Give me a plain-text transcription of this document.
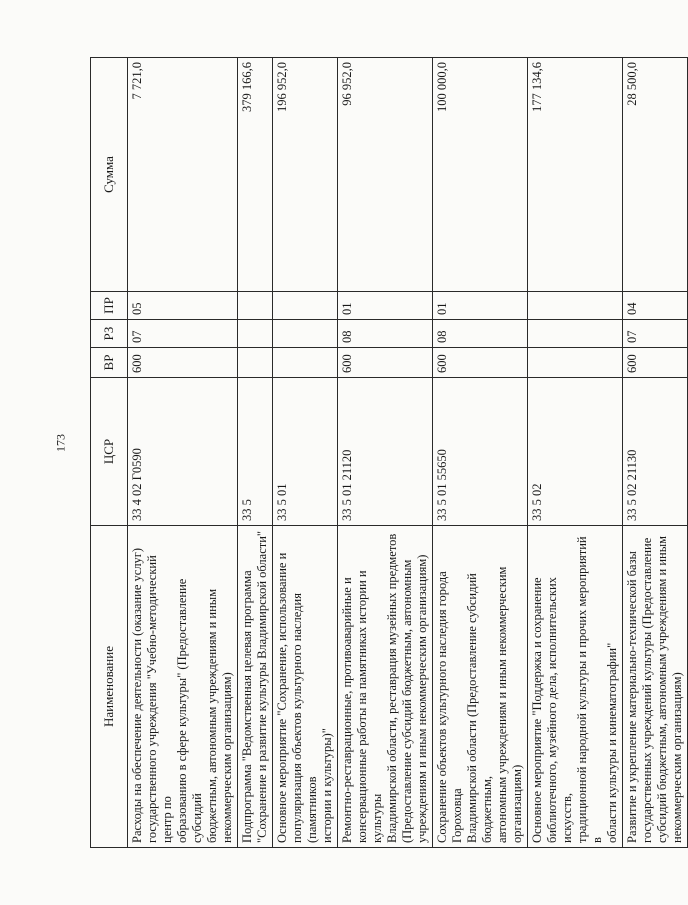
173
Наименование	ЦСР	ВР	РЗ	ПР	Сумма
Расходы на обеспечение деятельности (оказание услуг)
государственного учреждения "Учебно-методический центр по
образованию в сфере культуры" (Предоставление субсидий
бюджетным, автономным учреждениям и иным
некоммерческим организациям)	33 4 02 Г0590	600	07	05	7 721,0
Подпрограмма "Ведомственная целевая программа
"Сохранение и развитие культуры Владимирской области"	33 5				379 166,6
Основное мероприятие "Сохранение, использование и
популяризация объектов культурного наследия (памятников
истории и культуры)"	33 5 01				196 952,0
Ремонтно-реставрационные, противоаварийные и
консервационные работы на памятниках истории и культуры
Владимирской области, реставрация музейных предметов
(Предоставление субсидий бюджетным, автономным
учреждениям и иным некоммерческим организациям)	33 5 01 21120	600	08	01	96 952,0
Сохранение объектов культурного наследия города Гороховца
Владимирской области (Предоставление субсидий бюджетным,
автономным учреждениям и иным некоммерческим
организациям)	33 5 01 55650	600	08	01	100 000,0
Основное мероприятие "Поддержка и сохранение
библиотечного, музейного дела, исполнительских искусств,
традиционной народной культуры и прочих мероприятий в
области культуры и кинематографии"	33 5 02				177 134,6
Развитие и укрепление материально-технической базы
государственных учреждений культуры (Предоставление
субсидий бюджетным, автономным учреждениям и иным
некоммерческим организациям)	33 5 02 21130	600	07	04	28 500,0
